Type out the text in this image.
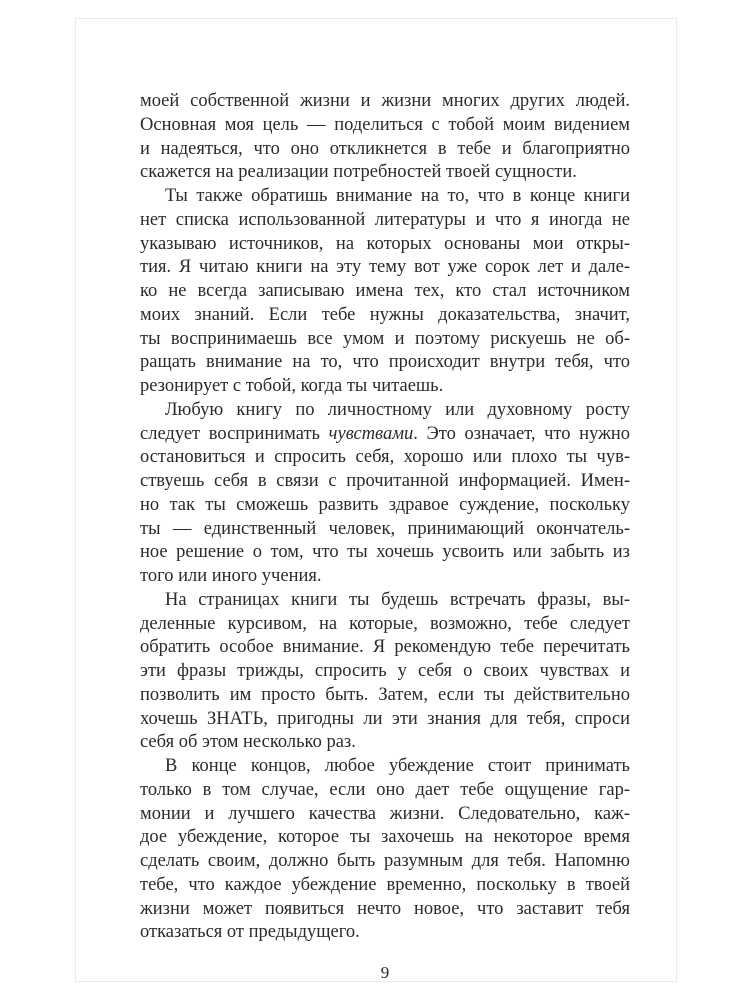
моей собственной жизни и жизни многих других людей.
Основная моя цель — поделиться с тобой моим видением
и надеяться, что оно откликнется в тебе и благоприятно
скажется на реализации потребностей твоей сущности.
Ты также обратишь внимание на то, что в конце книги
нет списка использованной литературы и что я иногда не
указываю источников, на которых основаны мои откры-
тия. Я читаю книги на эту тему вот уже сорок лет и дале-
ко не всегда записываю имена тех, кто стал источником
моих знаний. Если тебе нужны доказательства, значит,
ты воспринимаешь все умом и поэтому рискуешь не об-
ращать внимание на то, что происходит внутри тебя, что
резонирует с тобой, когда ты читаешь.
Любую книгу по личностному или духовному росту
следует воспринимать чувствами. Это означает, что нужно
остановиться и спросить себя, хорошо или плохо ты чув-
ствуешь себя в связи с прочитанной информацией. Имен-
но так ты сможешь развить здравое суждение, поскольку
ты — единственный человек, принимающий окончатель-
ное решение о том, что ты хочешь усвоить или забыть из
того или иного учения.
На страницах книги ты будешь встречать фразы, вы-
деленные курсивом, на которые, возможно, тебе следует
обратить особое внимание. Я рекомендую тебе перечитать
эти фразы трижды, спросить у себя о своих чувствах и
позволить им просто быть. Затем, если ты действительно
хочешь ЗНАТЬ, пригодны ли эти знания для тебя, спроси
себя об этом несколько раз.
В конце концов, любое убеждение стоит принимать
только в том случае, если оно дает тебе ощущение гар-
монии и лучшего качества жизни. Следовательно, каж-
дое убеждение, которое ты захочешь на некоторое время
сделать своим, должно быть разумным для тебя. Напомню
тебе, что каждое убеждение временно, поскольку в твоей
жизни может появиться нечто новое, что заставит тебя
отказаться от предыдущего.
9
